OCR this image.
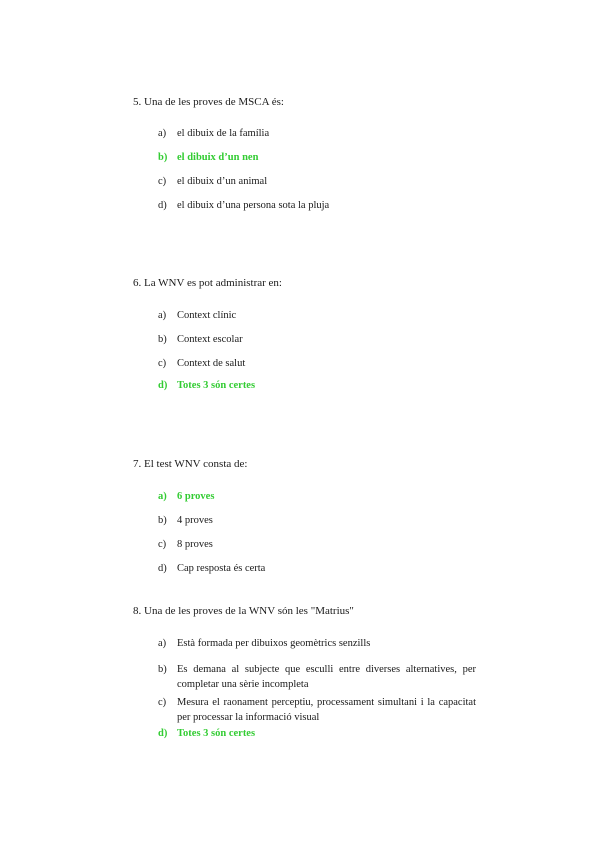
5. Una de les proves de MSCA és:
a) el dibuix de la família
b) el dibuix d’un nen
c) el dibuix d’un animal
d) el dibuix d’una persona sota la pluja
6. La WNV es pot administrar en:
a) Context clínic
b) Context escolar
c) Context de salut
d) Totes 3 són certes
7. El test WNV consta de:
a) 6 proves
b) 4 proves
c) 8 proves
d) Cap resposta és certa
8. Una de les proves de la WNV són les "Matrius"
a) Està formada per dibuixos geomètrics senzills
b) Es demana al subjecte que esculli entre diverses alternatives, per completar una sèrie incompleta
c)	Mesura el raonament perceptiu, processament simultani i la capacitat per processar la informació visual
d) Totes 3 són certes
